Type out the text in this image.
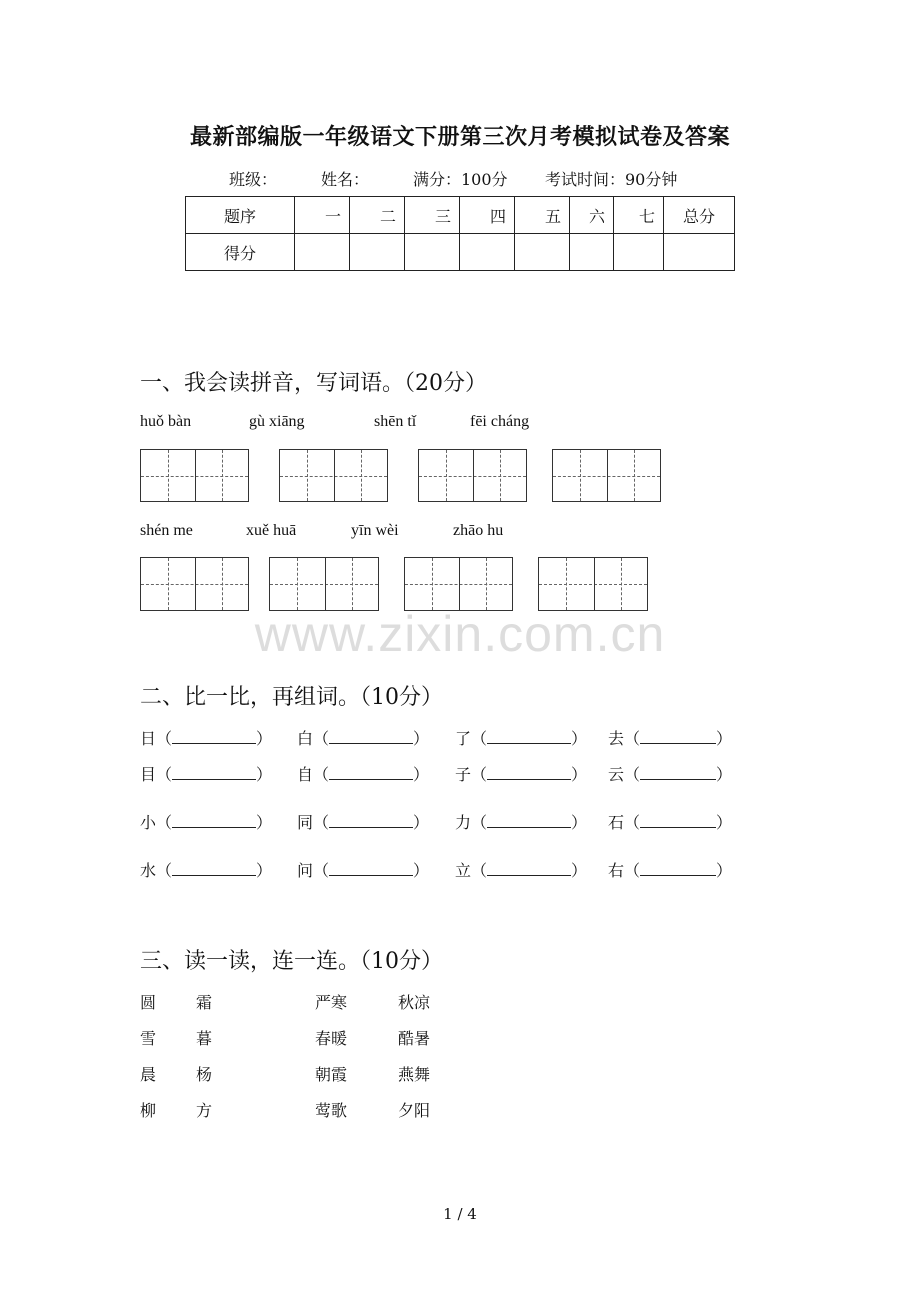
最新部编版一年级语文下册第三次月考模拟试卷及答案
班级：	姓名：	满分：100分 考试时间：90分钟
题序	一	二	三	四	五	六	七	总分
得分								
一、我会读拼音，写词语。（20分）
huǒ bàn	gù xiāng	shēn tǐ	fēi cháng
shén me	xuě huā	yīn wèi	zhāo hu
www.zixin.com.cn
二、比一比，再组词。（10分）
日（	） 白（	） 了（	） 去（	）
目（	） 自（	） 子（	） 云（	）
小（	） 同（	） 力（	） 石（	）
水（	） 问（	） 立（	） 右（	）
三、读一读，连一连。（10分）
圆 霜	严寒	秋凉
雪 暮	春暖	酷暑
晨 杨	朝霞	燕舞
柳 方	莺歌	夕阳
1 / 4
